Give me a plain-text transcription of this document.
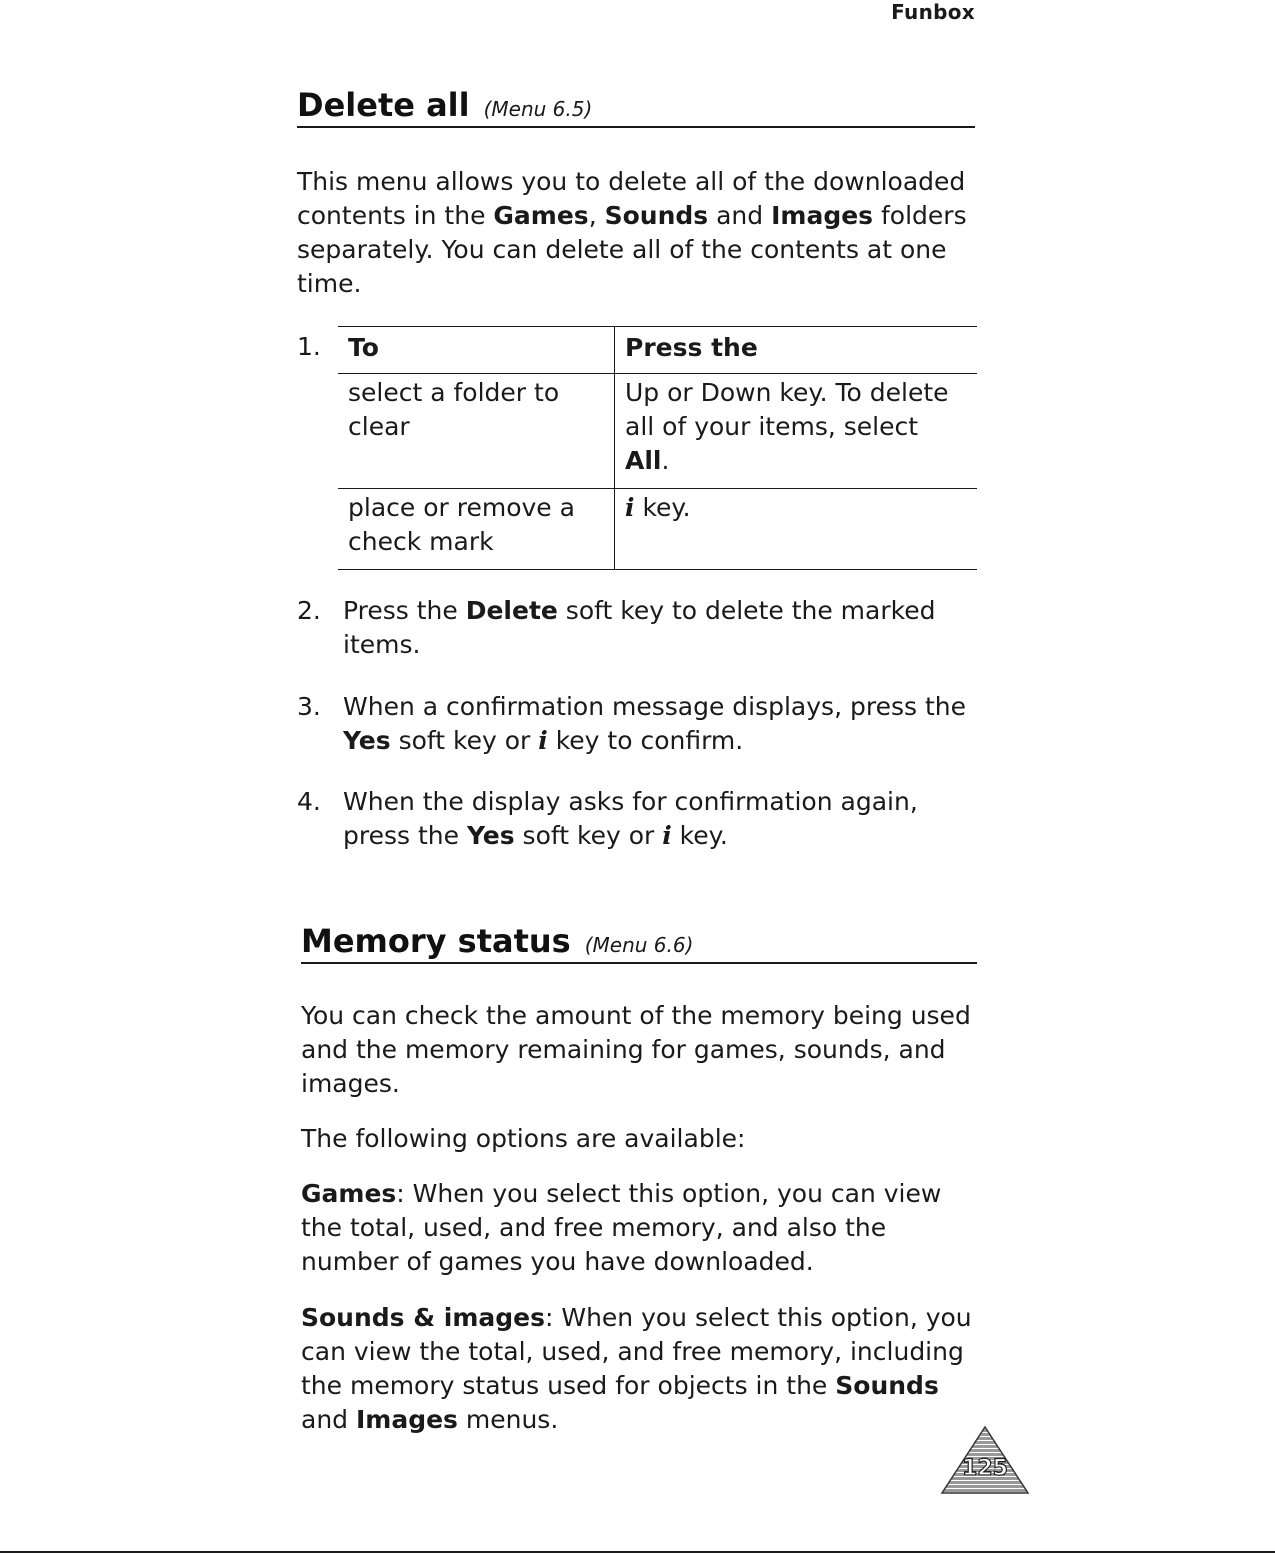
Funbox
Delete all (Menu 6.5)

This menu allows you to delete all of the downloaded contents in the Games, Sounds and Images folders separately. You can delete all of the contents at one time.

1. To	Press the
select a folder to clear	Up or Down key. To delete all of your items, select All.
place or remove a check mark	i key.
2. Press the Delete soft key to delete the marked items.

3. When a confirmation message displays, press the Yes soft key or i key to confirm.

4. When the display asks for confirmation again, press the Yes soft key or i key.

Memory status (Menu 6.6)

You can check the amount of the memory being used and the memory remaining for games, sounds, and images.

The following options are available:

Games: When you select this option, you can view the total, used, and free memory, and also the number of games you have downloaded.

Sounds & images: When you select this option, you can view the total, used, and free memory, including the memory status used for objects in the Sounds and Images menus.

125
